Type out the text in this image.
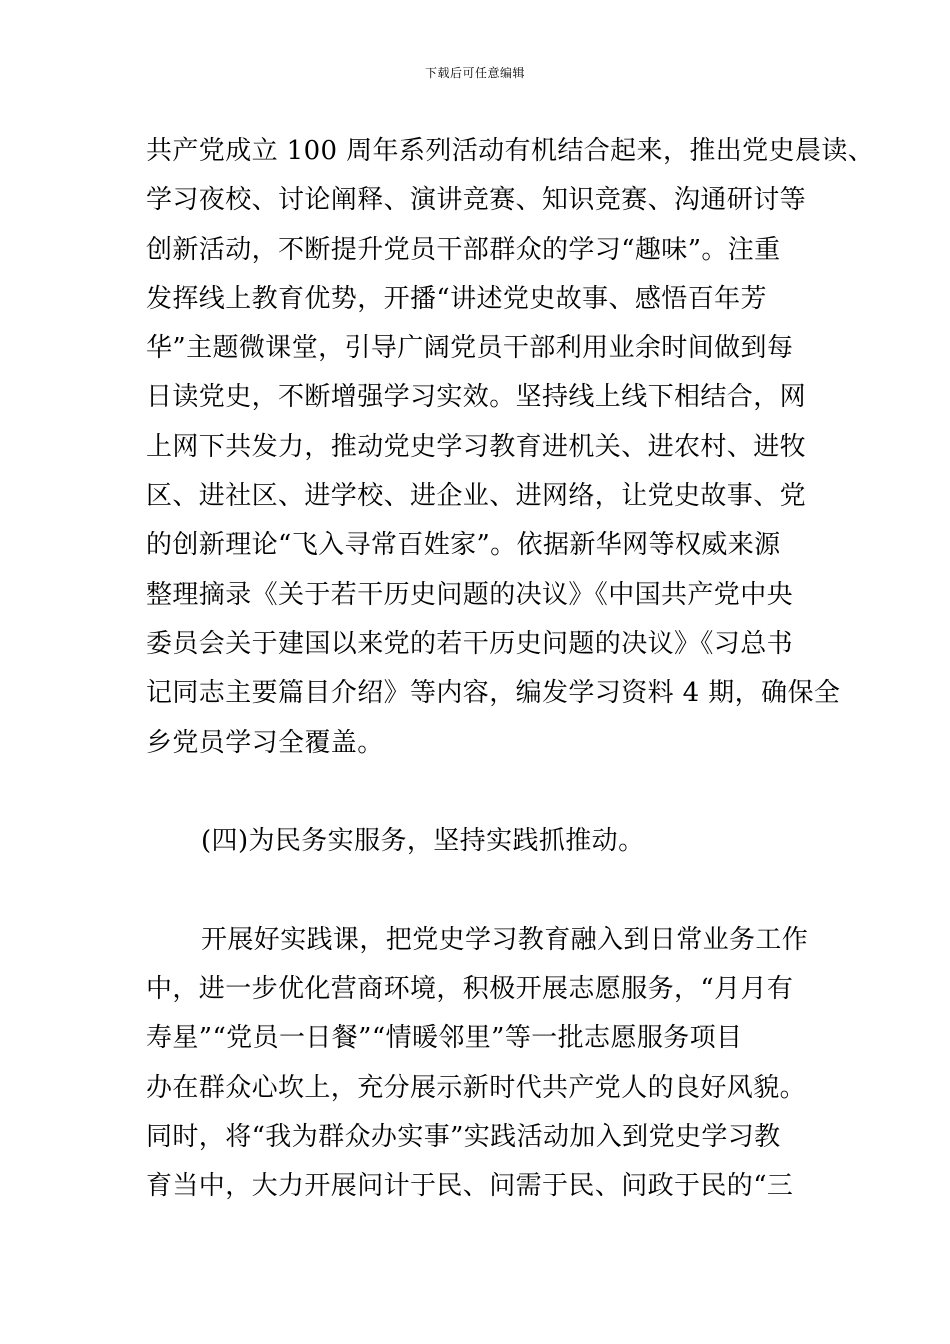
下载后可任意编辑
共产党成立 100 周年系列活动有机结合起来，推出党史晨读、
学习夜校、讨论阐释、演讲竞赛、知识竞赛、沟通研讨等
创新活动，不断提升党员干部群众的学习“趣味”。注重
发挥线上教育优势，开播“讲述党史故事、感悟百年芳
华”主题微课堂，引导广阔党员干部利用业余时间做到每
日读党史，不断增强学习实效。坚持线上线下相结合，网
上网下共发力，推动党史学习教育进机关、进农村、进牧
区、进社区、进学校、进企业、进网络，让党史故事、党
的创新理论“飞入寻常百姓家”。依据新华网等权威来源
整理摘录《关于若干历史问题的决议》《中国共产党中央
委员会关于建国以来党的若干历史问题的决议》《习总书
记同志主要篇目介绍》等内容，编发学习资料 4 期，确保全
乡党员学习全覆盖。
(四)为民务实服务，坚持实践抓推动。
开展好实践课，把党史学习教育融入到日常业务工作
中，进一步优化营商环境，积极开展志愿服务，“月月有
寿星”“党员一日餐”“情暖邻里”等一批志愿服务项目
办在群众心坎上，充分展示新时代共产党人的良好风貌。
同时，将“我为群众办实事”实践活动加入到党史学习教
育当中，大力开展问计于民、问需于民、问政于民的“三
